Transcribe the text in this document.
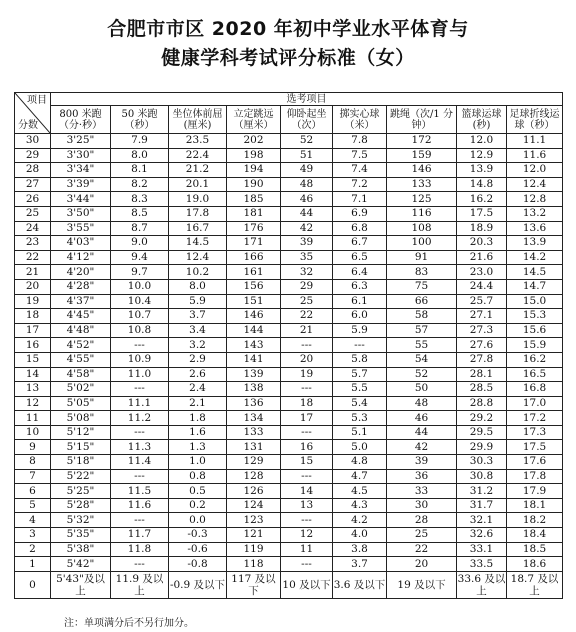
合肥市市区 2020 年初中学业水平体育与
健康学科考试评分标准（女）
项目
分数	选考项目								
	800 米跑（分·秒）	50 米跑（秒）	坐位体前屈(厘米)	立定跳远（厘米）	仰卧起坐（次）	掷实心球（米）	跳绳（次/1 分钟）	篮球运球(秒)	足球折线运球（秒）
30	3'25"	7.9	23.5	202	52	7.8	172	12.0	11.1
29	3'30"	8.0	22.4	198	51	7.5	159	12.9	11.6
28	3'34"	8.1	21.2	194	49	7.4	146	13.9	12.0
27	3'39"	8.2	20.1	190	48	7.2	133	14.8	12.4
26	3'44"	8.3	19.0	185	46	7.1	125	16.2	12.8
25	3'50"	8.5	17.8	181	44	6.9	116	17.5	13.2
24	3'55"	8.7	16.7	176	42	6.8	108	18.9	13.6
23	4'03"	9.0	14.5	171	39	6.7	100	20.3	13.9
22	4'12"	9.4	12.4	166	35	6.5	91	21.6	14.2
21	4'20"	9.7	10.2	161	32	6.4	83	23.0	14.5
20	4'28"	10.0	8.0	156	29	6.3	75	24.4	14.7
19	4'37"	10.4	5.9	151	25	6.1	66	25.7	15.0
18	4'45"	10.7	3.7	146	22	6.0	58	27.1	15.3
17	4'48"	10.8	3.4	144	21	5.9	57	27.3	15.6
16	4'52"	---	3.2	143	---	---	55	27.6	15.9
15	4'55"	10.9	2.9	141	20	5.8	54	27.8	16.2
14	4'58"	11.0	2.6	139	19	5.7	52	28.1	16.5
13	5'02"	---	2.4	138	---	5.5	50	28.5	16.8
12	5'05"	11.1	2.1	136	18	5.4	48	28.8	17.0
11	5'08"	11.2	1.8	134	17	5.3	46	29.2	17.2
10	5'12"	---	1.6	133	---	5.1	44	29.5	17.3
9	5'15"	11.3	1.3	131	16	5.0	42	29.9	17.5
8	5'18"	11.4	1.0	129	15	4.8	39	30.3	17.6
7	5'22"	---	0.8	128	---	4.7	36	30.8	17.8
6	5'25"	11.5	0.5	126	14	4.5	33	31.2	17.9
5	5'28"	11.6	0.2	124	13	4.3	30	31.7	18.1
4	5'32"	---	0.0	123	---	4.2	28	32.1	18.2
3	5'35"	11.7	-0.3	121	12	4.0	25	32.6	18.4
2	5'38"	11.8	-0.6	119	11	3.8	22	33.1	18.5
1	5'42"	---	-0.8	118	---	3.7	20	33.5	18.6
0	5'43"及以上	11.9 及以上	-0.9 及以下	117 及以下	10 及以下	3.6 及以下	19 及以下	33.6 及以上	18.7 及以上
注：单项满分后不另行加分。
